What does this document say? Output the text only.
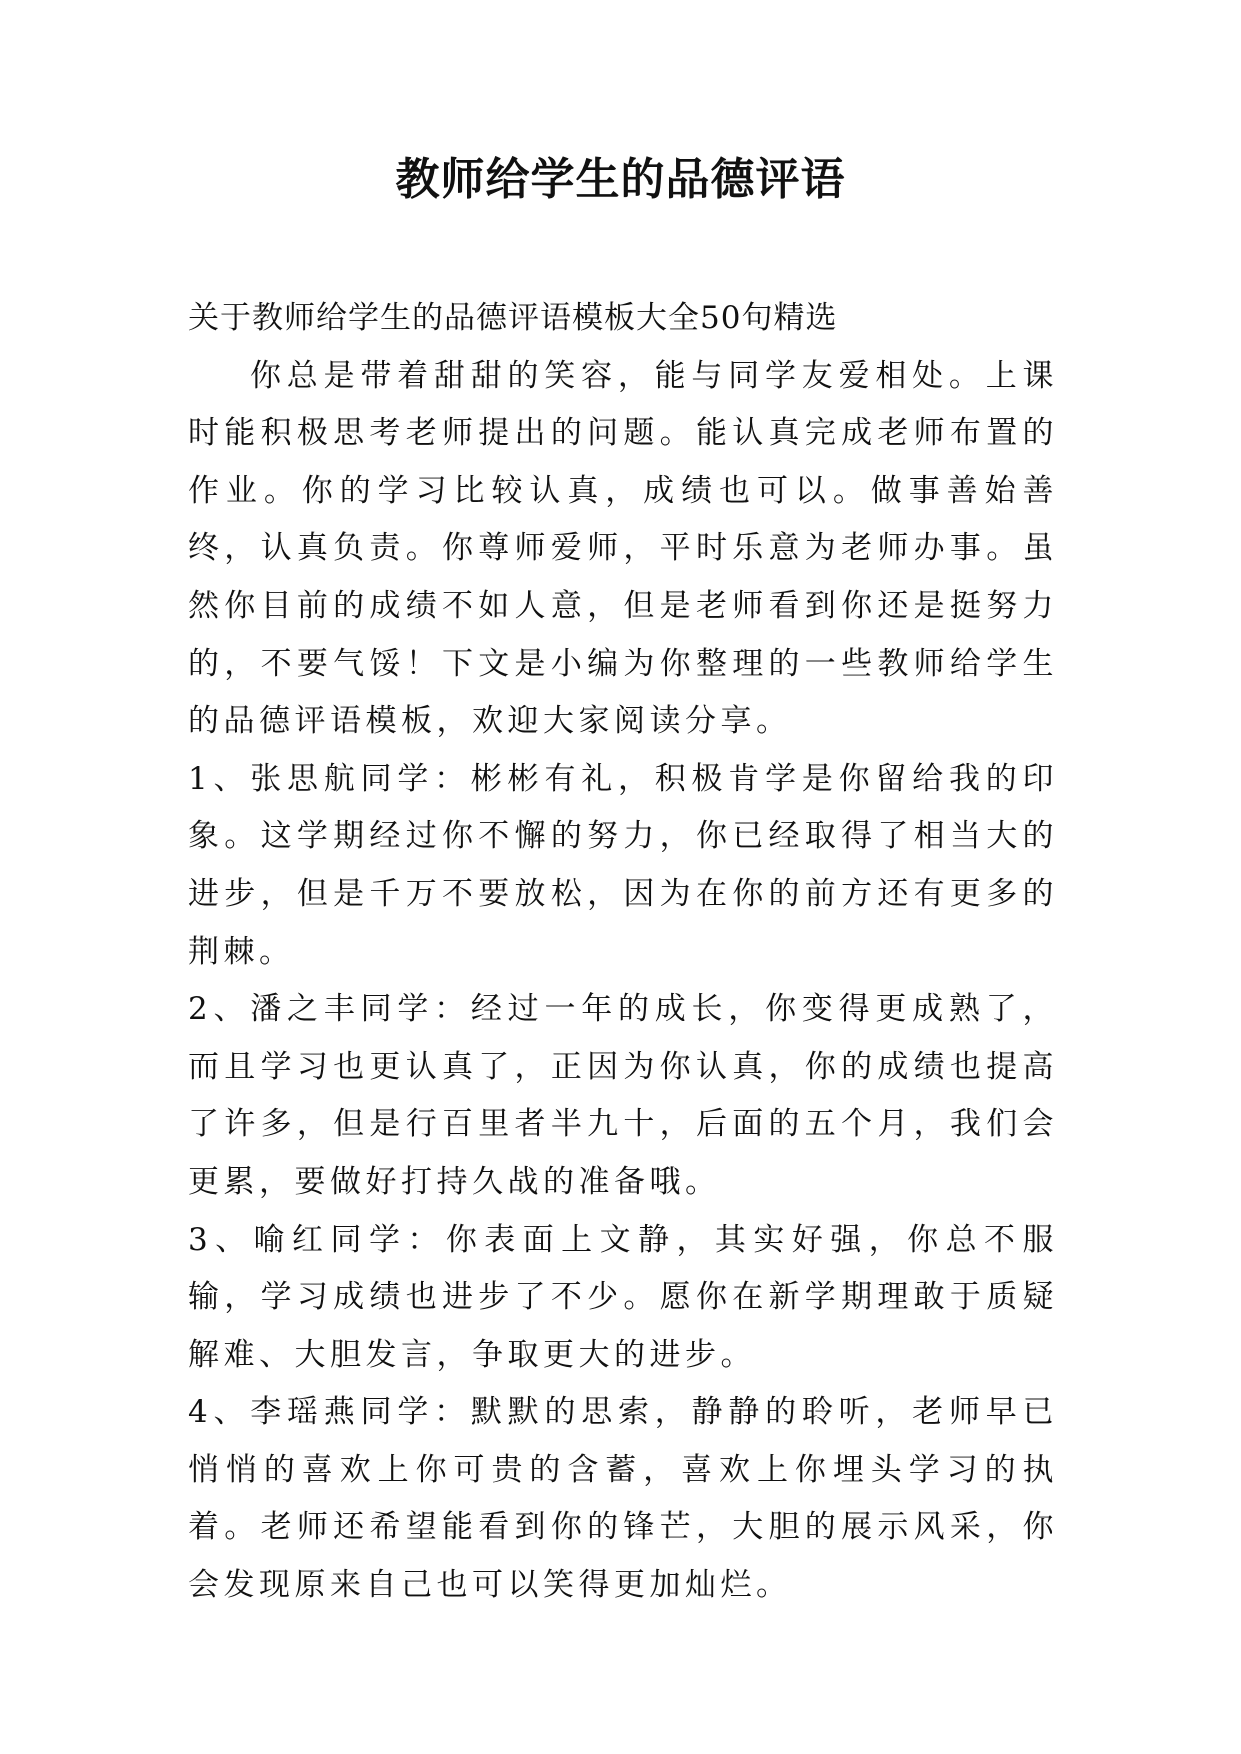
教师给学生的品德评语

关于教师给学生的品德评语模板大全50句精选

你总是带着甜甜的笑容，能与同学友爱相处。上课时能积极思考老师提出的问题。能认真完成老师布置的作业。你的学习比较认真，成绩也可以。做事善始善终，认真负责。你尊师爱师，平时乐意为老师办事。虽然你目前的成绩不如人意，但是老师看到你还是挺努力的，不要气馁！下文是小编为你整理的一些教师给学生的品德评语模板，欢迎大家阅读分享。

1、张思航同学：彬彬有礼，积极肯学是你留给我的印象。这学期经过你不懈的努力，你已经取得了相当大的进步，但是千万不要放松，因为在你的前方还有更多的荆棘。

2、潘之丰同学：经过一年的成长，你变得更成熟了，而且学习也更认真了，正因为你认真，你的成绩也提高了许多，但是行百里者半九十，后面的五个月，我们会更累，要做好打持久战的准备哦。

3、喻红同学：你表面上文静，其实好强，你总不服输，学习成绩也进步了不少。愿你在新学期理敢于质疑解难、大胆发言，争取更大的进步。

4、李瑶燕同学：默默的思索，静静的聆听，老师早已悄悄的喜欢上你可贵的含蓄，喜欢上你埋头学习的执着。老师还希望能看到你的锋芒，大胆的展示风采，你会发现原来自己也可以笑得更加灿烂。
